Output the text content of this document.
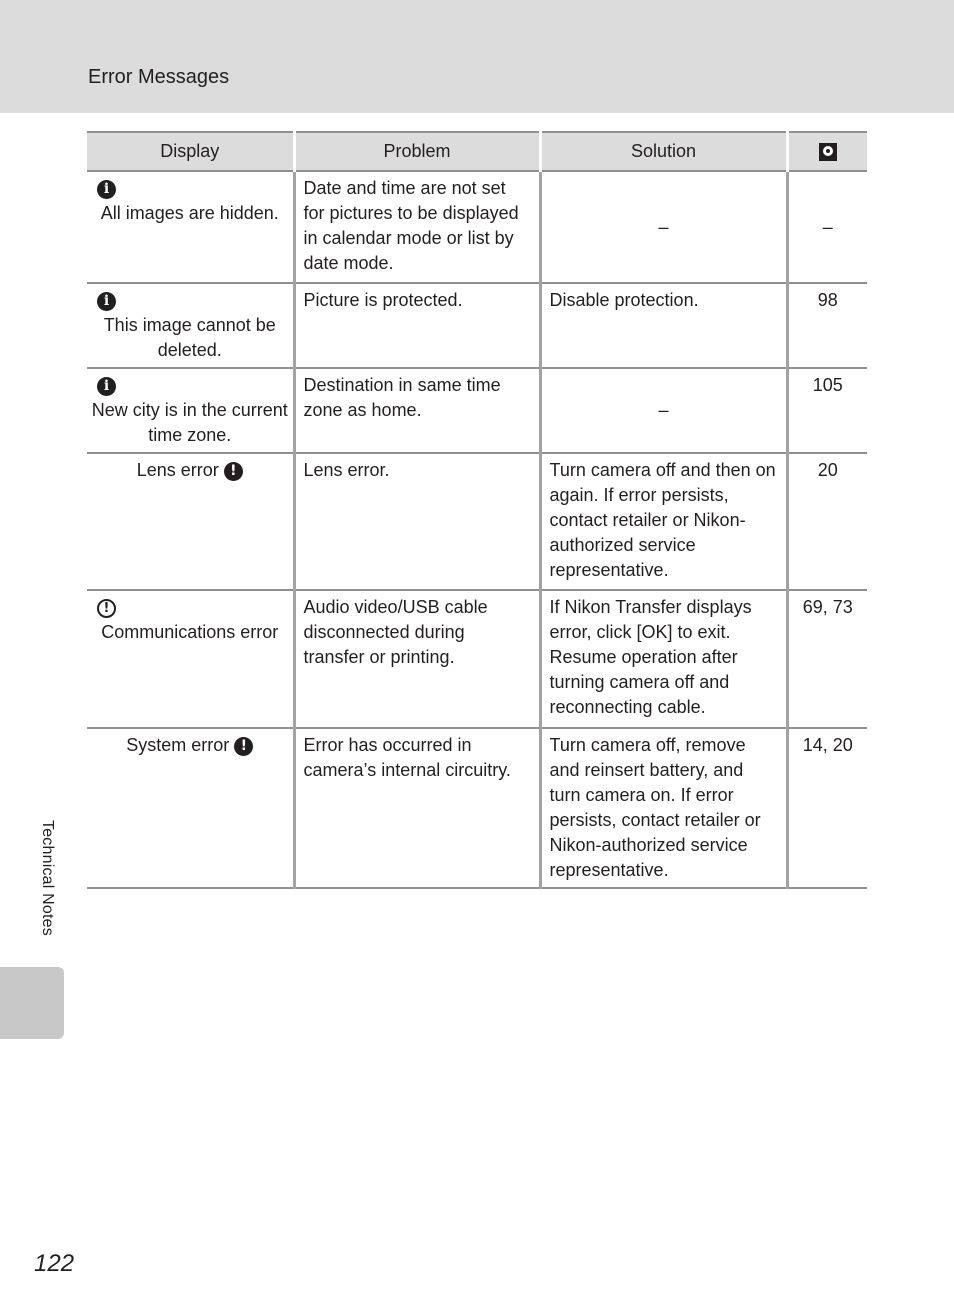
Error Messages
Display	Problem	Solution	

i
All images are hidden.	Date and time are not set for pictures to be displayed in calendar mode or list by date mode.	–	–

i
This image cannot be deleted.	Picture is protected.	Disable protection.	98

i
New city is in the current time zone.	Destination in same time zone as home.	–	105
Lens error !	Lens error.	Turn camera off and then on again. If error persists, contact retailer or Nikon-authorized service representative.	20

!
Communications error	Audio video/USB cable disconnected during transfer or printing.	If Nikon Transfer displays error, click [OK] to exit. Resume operation after turning camera off and reconnecting cable.	69, 73
System error !	Error has occurred in camera’s internal circuitry.	Turn camera off, remove and reinsert battery, and turn camera on. If error persists, contact retailer or Nikon-authorized service representative.	14, 20
Technical Notes
122
